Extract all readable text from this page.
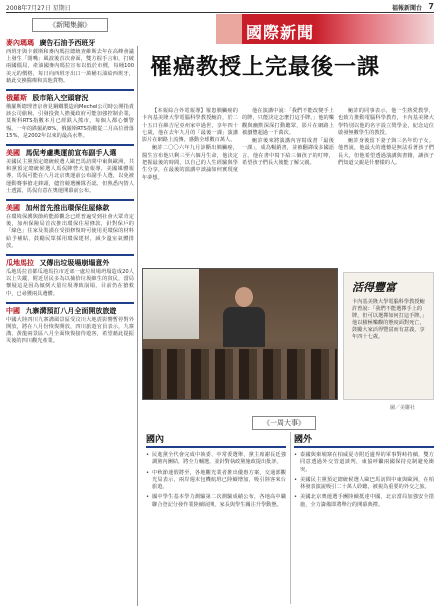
2008年7月27日 星期日	福報新聞台 7
國際新聞
《新聞集錦》
麥內瑪瑪 廣告石油予西班牙
西班牙與卡薩斯和麥內瑪拉總統查維斯去年在高峰會議上發生「閉嘴」風波後首次會面，雙方握手言和，打破兩國僵局，產油國麥內瑪拉宣布以低於市價，每桶100美元的價格，每日向西班牙出口一萬桶石油給西班牙，藉此交換醫療和其他貨物。
俄羅斯 股市陷入空頭窘況
俄羅斯總理普京會見鋼鐵製造商Mechel公司時公開指責該公司偷稅，引發投資人擔憂政府可能加強控制企業，莫斯科RTS指數本月已經跌入熊市，每個人都心懷警惕。一年的跌幅約8%，俄羅斯RTS指數從二月高位滑落15%，是2002年以來的最高水準。
美國 馬侃考慮奧運前宣布副手人選
美國民主黨預定總統候選人歐巴馬訪問中東與歐洲，共和黨預定總統候選人馬侃陣營大量報導，美國媒體報導，馬侃可能在八月北京奧運前公布副手人選，以免被運動賽事搶走鋒頭，儘管競選團隊否認，但熟悉內情人士透露，馬侃有意在奧運開幕前公布。
美國 加州首先推出環保住屋條款
在環境保護與節約能源觀念已經普遍受到社會大眾肯定後，加州保險局首次推出環保住屋條款，針對保戶的「綠色」住家及裝潢在受損修復時可使用更環保的材料給予補貼，鼓勵民眾採用環保建材，減少溫室氣體排放。
瓜地馬拉 又傳出垃圾場崩塌意外
瓜地馬拉首都瓜地馬拉市近郊一處垃圾場坍塌造成20人以上失蹤，附近居民多為以撿拾垃圾維生的貧民，當局懷疑這是因為傾倒大量垃圾導致崩塌，目前仍在搶救中，已尋獲兩具遺體。
中國 九寨溝預訂八月全面開放旅遊
中國大陸四川九寨溝風景區受汶川大地震影響暫停對外開放，將在八月份恢復開放，四川旅遊官員表示，九寨溝、黃龍兩景區八月全面恢復接待遊客，希望藉此提振災後的四川觀光產業。
罹癌教授上完最後一課

【本報綜合外電報導】罹患胰臟癌的卡內基美隆大學電腦科學教授鮑許，於二十五日在維吉尼亞州家中過世，享年四十七歲，他在去年九月的「最後一課」演講影片在網路上流傳，感動全球數百萬人。

鮑許二〇〇六年九月診斷出胰臟癌，醫生宣布他只剩三至六個月生命，他決定把握最後的時間，以自己的人生經驗與學生分享，在最後的演講中談論如何實現童年夢想。

他在演講中說：「我們不能改變手上的牌，只能決定怎麼打這手牌。」他的樂觀與幽默深深打動聽眾，影片在網路上被瀏覽超過一千萬次。

鮑許後來將演講內容寫成書「最後一課」，成為暢銷書，並被翻譯成多國語言。他在書中寫下給三個孩子的叮嚀，希望孩子們長大後能了解父親。

鮑許的同事表示，他一生熱愛教學，也致力推動電腦科學教育，卡內基美隆大學特別以他的名字設立獎學金，紀念這位啟發無數學生的教授。

鮑許身後留下妻子與三名年幼子女。他曾說，他最大的遺憾是無法看著孩子們長大，但他希望透過演講與書籍，讓孩子們知道父親是什麼樣的人。

活得豐富
卡內基美隆大學電腦科學教授鮑許曾說：「我們不能選擇手上的牌，但可以選擇如何打這手牌。」他以積極樂觀的態度面對死亡，鼓勵大家活得豐富而有意義，享年四十七歲。
圖／美聯社
《一周大事》
國內	國外
• 民進黨全代會完成中執委、中常委選舉，黨主席謝長廷強調黨內團結，將全力輔選，並針對執政黨施政提出批評。
• 中秋節連假將至，各地觀光業者推出優惠方案，交通部觀光局表示，兩岸週末包機航班已陸續增加，吸引陸客來台旅遊。
• 國中學生基本學力測驗第二次測驗成績公布，各地高中職聯合登記分發作業陸續展開，家長與學生關注升學動態。
• 泰國與柬埔寨在柏威夏寺附近邊界的軍事對峙持續，雙方同意透過外交管道談判，東協呼籲兩國保持克制避免衝突。
• 美國民主黨預定總統候選人歐巴馬訪問中東與歐洲，在柏林發表演說吸引二十萬人聆聽，被視為重要的外交之旅。
• 美國北京奧運選手團陸續抵達中國，北京當局加強安全措施，全力籌備即將舉行的開幕典禮。
